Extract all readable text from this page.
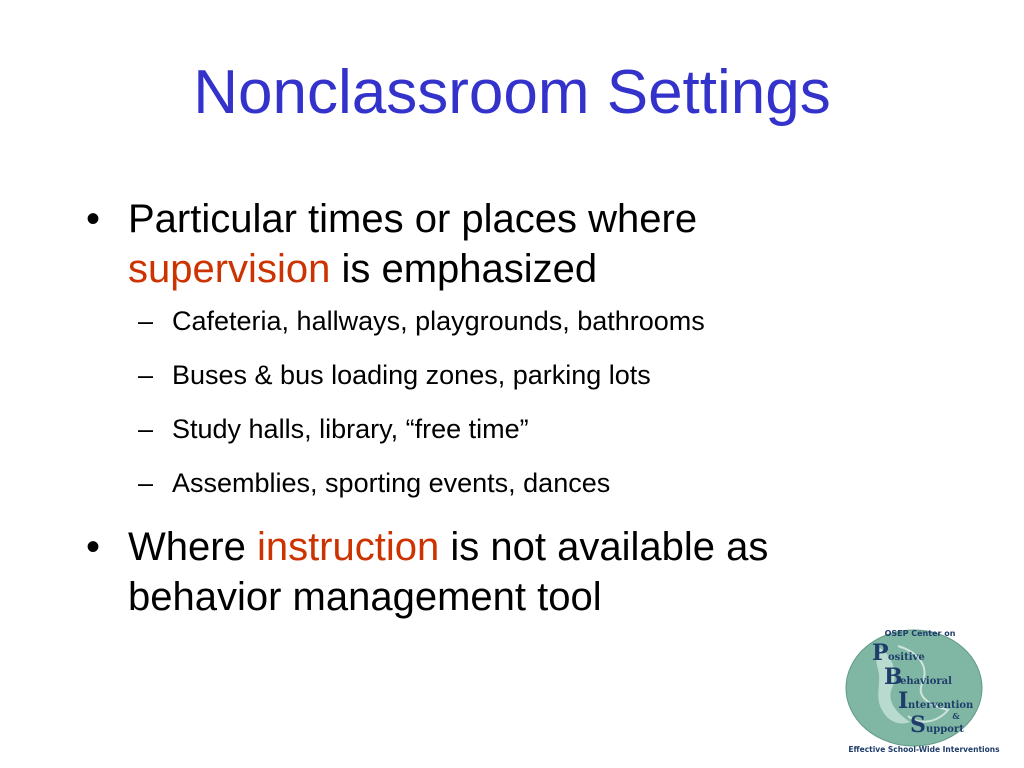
Nonclassroom Settings
• Particular times or places where
supervision is emphasized
– Cafeteria, hallways, playgrounds, bathrooms
– Buses & bus loading zones, parking lots
– Study halls, library, “free time”
– Assemblies, sporting events, dances
• Where instruction is not available as behavior management tool
OSEP Center on
P ositive
B
ehavioral
I ntervention
&
S upport
Effective School-Wide Interventions
